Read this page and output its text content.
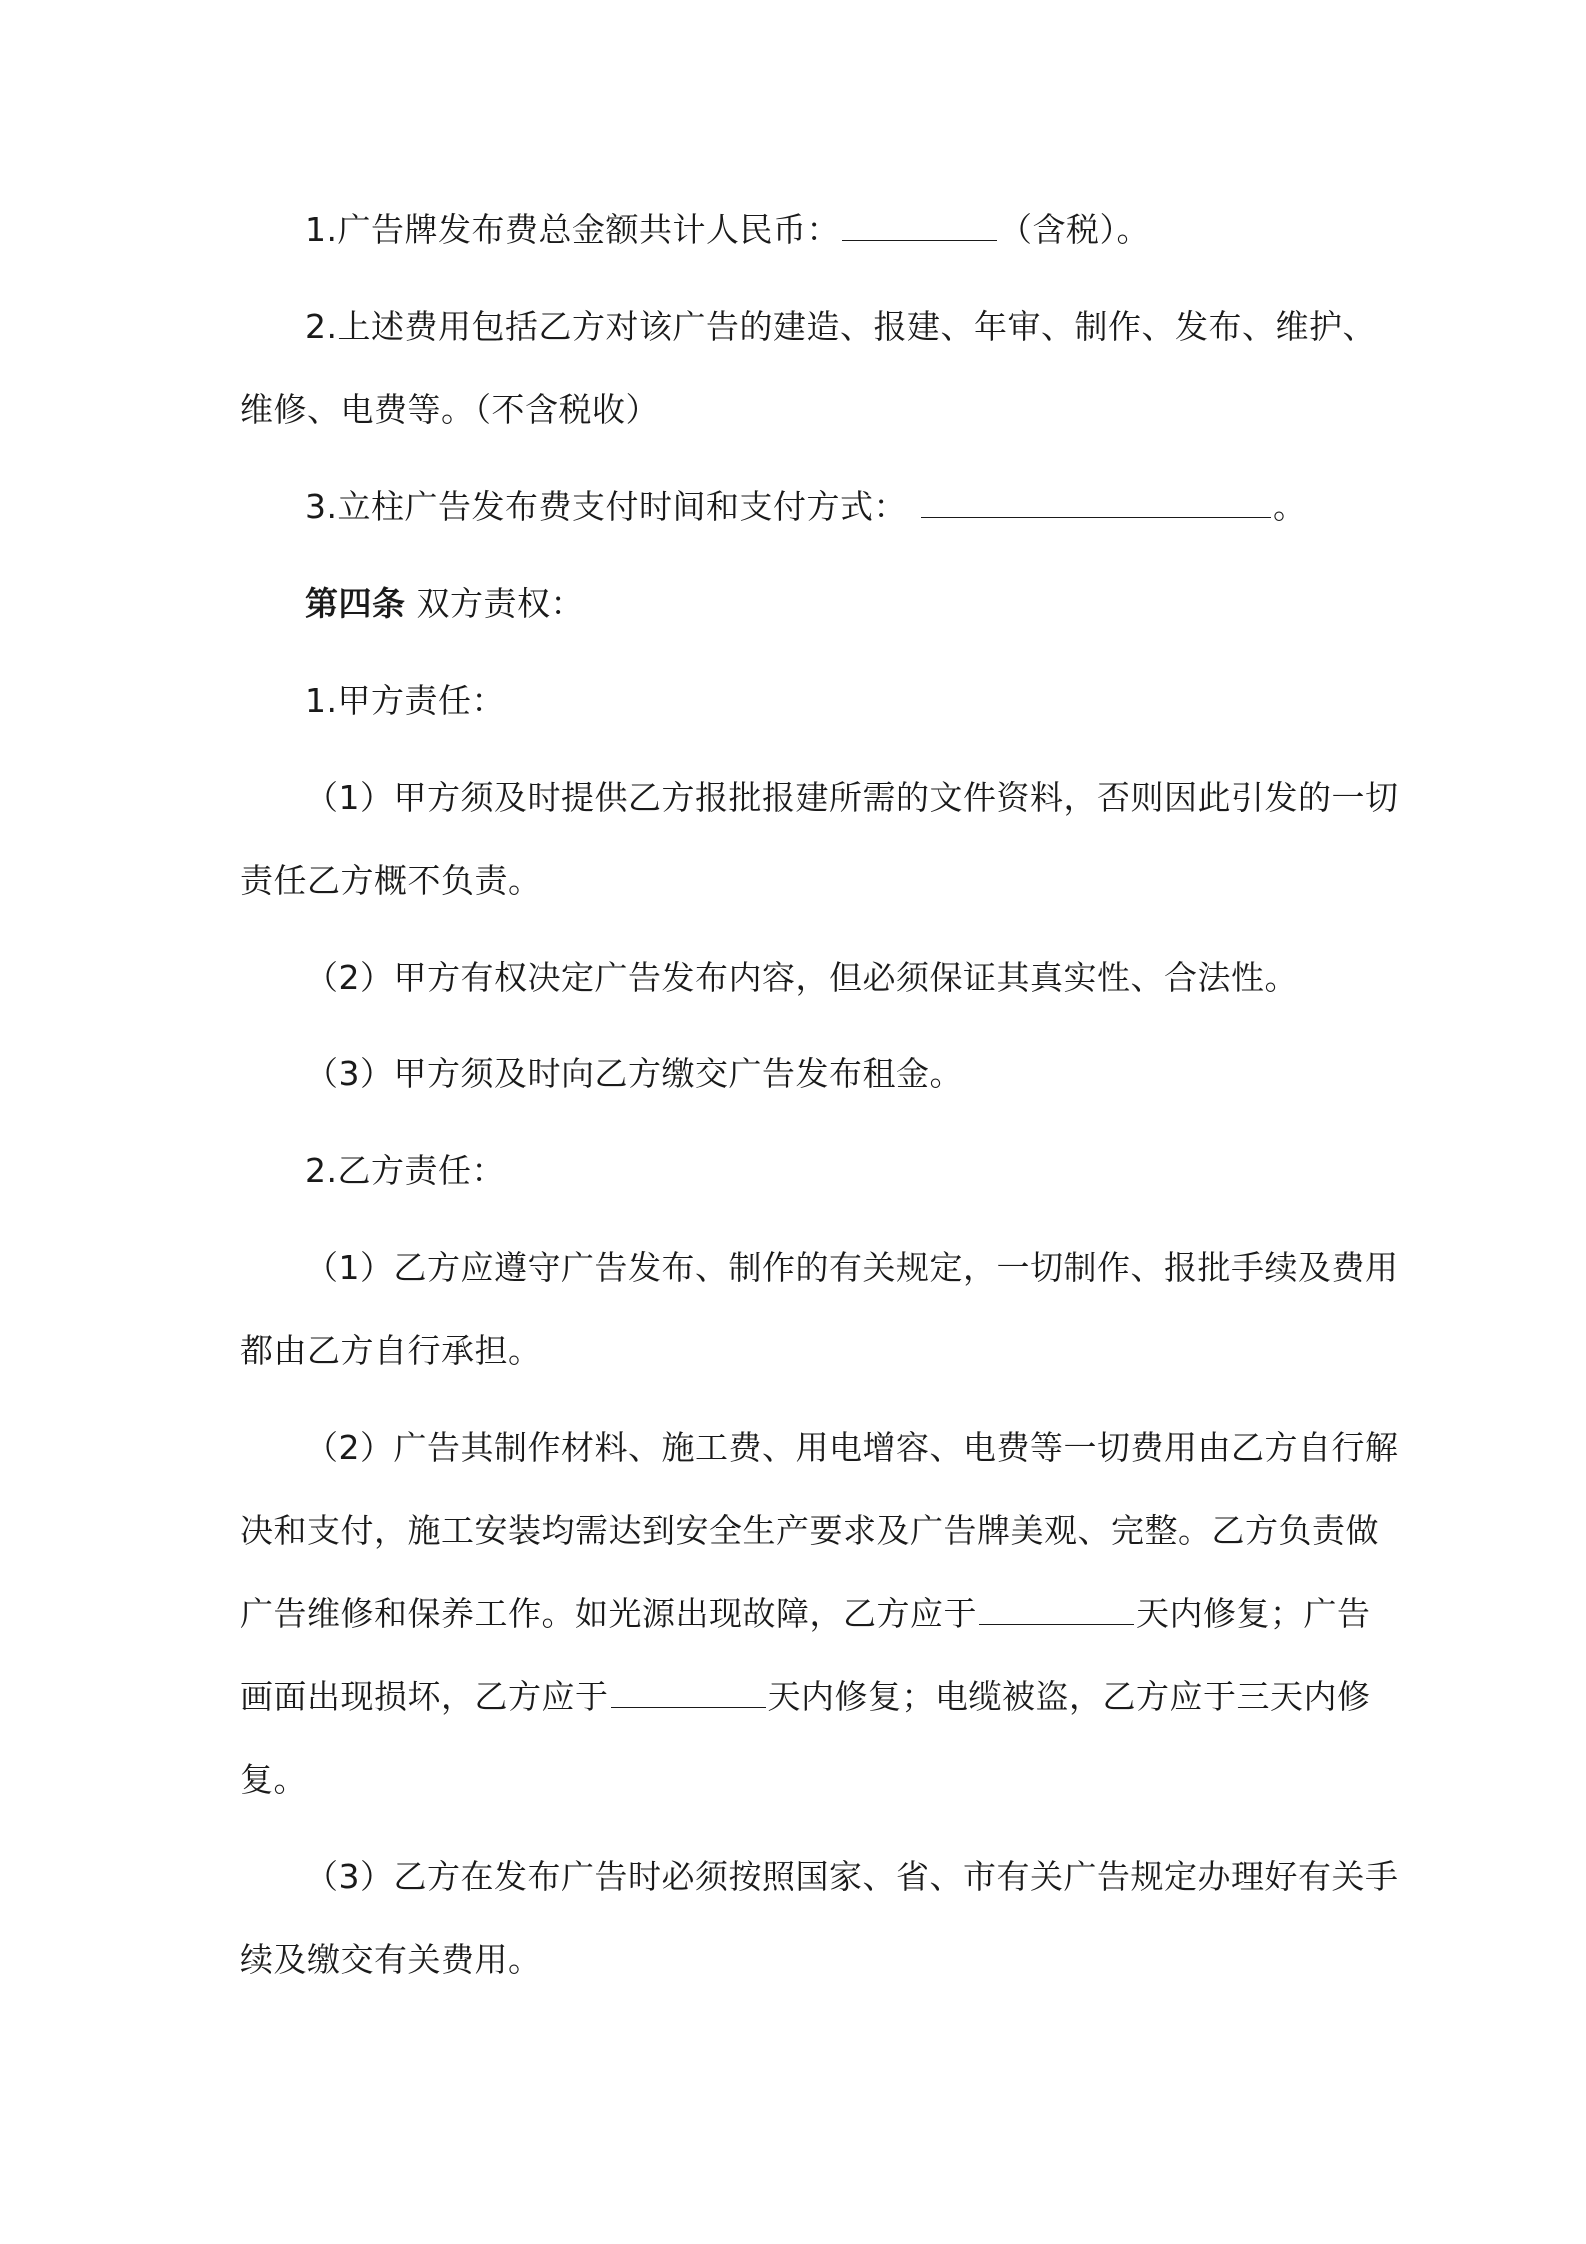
1.广告牌发布费总金额共计人民币：	（含税）。
2.上述费用包括乙方对该广告的建造、报建、年审、制作、发布、维护、
维修、电费等。（不含税收）
3.立柱广告发布费支付时间和支付方式：	。
第四条 双方责权：
1.甲方责任：
（1）甲方须及时提供乙方报批报建所需的文件资料，否则因此引发的一切
责任乙方概不负责。
（2）甲方有权决定广告发布内容，但必须保证其真实性、合法性。
（3）甲方须及时向乙方缴交广告发布租金。
2.乙方责任：
（1）乙方应遵守广告发布、制作的有关规定，一切制作、报批手续及费用
都由乙方自行承担。
（2）广告其制作材料、施工费、用电增容、电费等一切费用由乙方自行解
决和支付，施工安装均需达到安全生产要求及广告牌美观、完整。乙方负责做
广告维修和保养工作。如光源出现故障，乙方应于	天内修复；广告
画面出现损坏，乙方应于	天内修复；电缆被盗，乙方应于三天内修
复。
（3）乙方在发布广告时必须按照国家、省、市有关广告规定办理好有关手
续及缴交有关费用。
